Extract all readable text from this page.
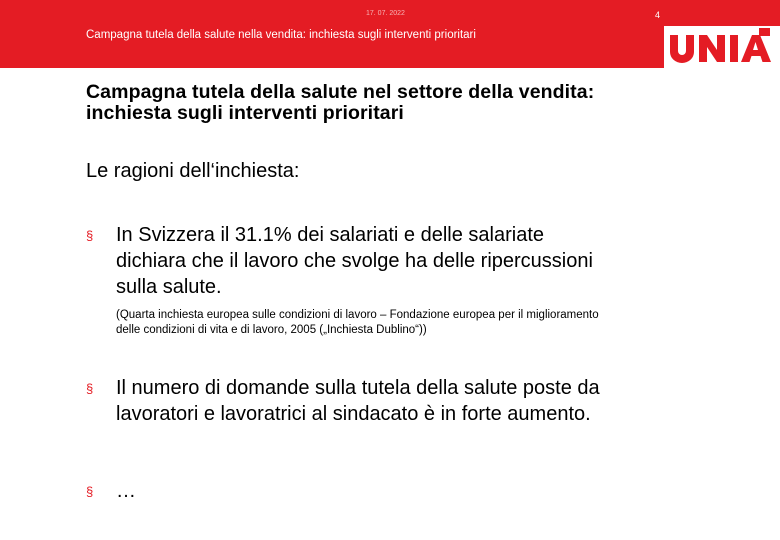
17. 07. 2022	4
Campagna tutela della salute nella vendita: inchiesta sugli interventi prioritari
Campagna tutela della salute nel settore della vendita:
inchiesta sugli interventi prioritari
Le ragioni dell‘inchiesta:
§ In Svizzera il 31.1% dei salariati e delle salariate
dichiara che il lavoro che svolge ha delle ripercussioni
sulla salute.
(Quarta inchiesta europea sulle condizioni di lavoro – Fondazione europea per il miglioramento
delle condizioni di vita e di lavoro, 2005 („Inchiesta Dublino“))
§ Il numero di domande sulla tutela della salute poste da
lavoratori e lavoratrici al sindacato è in forte aumento.
§ …
